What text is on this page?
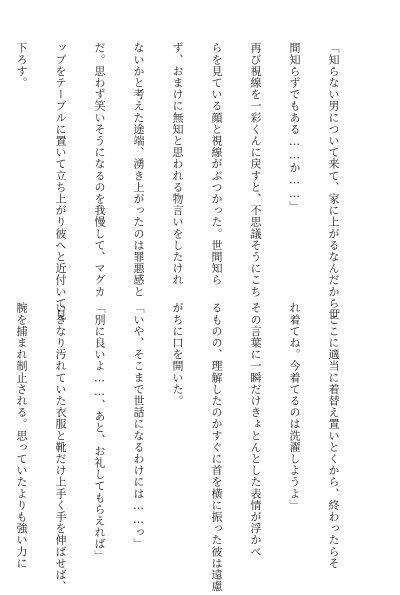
「知らない男について来て、家に上がるなんだから世

間知らずでもある……か……」

再び視線を一彩くんに戻すと、不思議そうにこち

らを見ている顔と視線がぶつかった。世間知ら

ず、おまけに無知と思われる物言いをしたけれ

ないかと考えた途端、湧き上がったのは罪悪感と

だ。思わず笑いそうになるのを我慢して、マグカ

ップをテーブルに置いて立ち上がり彼へと近付いて見

下ろす。

「ここに適当に着替え置いとくから、終わったらそ

れ着てね。今着てるのは洗濯しようよ」

その言葉に一瞬だけきょとんとした表情が浮かべ

るものの、理解したのかすぐに首を横に振った彼は遠慮

がちに口を開いた。

「いや、そこまで世話になるわけには……っ」

「別に良いよ……、あと、お礼してもらえれば」

いきなり汚れていた衣服と靴だけ上手く手を伸ばせば、

腕を捕まれ制止される。思っていたよりも強い力に
